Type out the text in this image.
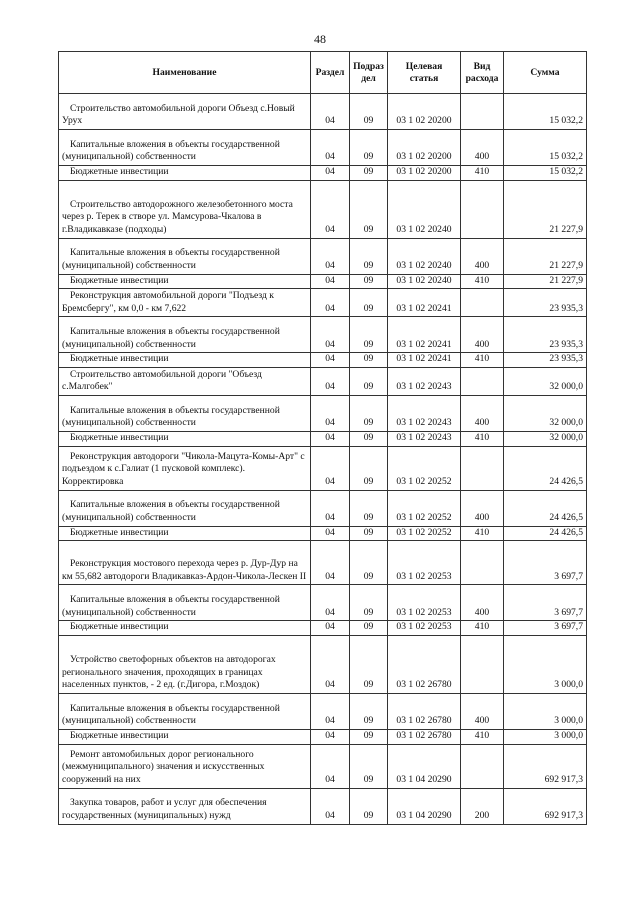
48
Наименование	Раздел	Подраз дел	Целевая статья	Вид расхода	Сумма
Строительство автомобильной дороги Объезд с.Новый Урух	04	09	03 1 02 20200		15 032,2
Капитальные вложения в объекты государственной (муниципальной) собственности	04	09	03 1 02 20200	400	15 032,2
Бюджетные инвестиции	04	09	03 1 02 20200	410	15 032,2
Строительство автодорожного железобетонного моста через р. Терек в створе ул. Мамсурова-Чкалова в г.Владикавказе (подходы)	04	09	03 1 02 20240		21 227,9
Капитальные вложения в объекты государственной (муниципальной) собственности	04	09	03 1 02 20240	400	21 227,9
Бюджетные инвестиции	04	09	03 1 02 20240	410	21 227,9
Реконструкция автомобильной дороги "Подъезд к Бремсбергу", км 0,0 - км 7,622	04	09	03 1 02 20241		23 935,3
Капитальные вложения в объекты государственной (муниципальной) собственности	04	09	03 1 02 20241	400	23 935,3
Бюджетные инвестиции	04	09	03 1 02 20241	410	23 935,3
Строительство автомобильной дороги "Объезд с.Малгобек"	04	09	03 1 02 20243		32 000,0
Капитальные вложения в объекты государственной (муниципальной) собственности	04	09	03 1 02 20243	400	32 000,0
Бюджетные инвестиции	04	09	03 1 02 20243	410	32 000,0
Реконструкция автодороги "Чикола-Мацута-Комы-Арт" с подъездом к с.Галиат (1 пусковой комплекс). Корректировка	04	09	03 1 02 20252		24 426,5
Капитальные вложения в объекты государственной (муниципальной) собственности	04	09	03 1 02 20252	400	24 426,5
Бюджетные инвестиции	04	09	03 1 02 20252	410	24 426,5
Реконструкция мостового перехода через р. Дур-Дур на км 55,682 автодороги Владикавказ-Ардон-Чикола-Лескен II	04	09	03 1 02 20253		3 697,7
Капитальные вложения в объекты государственной (муниципальной) собственности	04	09	03 1 02 20253	400	3 697,7
Бюджетные инвестиции	04	09	03 1 02 20253	410	3 697,7
Устройство светофорных объектов на автодорогах регионального значения, проходящих в границах населенных пунктов, - 2 ед. (г.Дигора, г.Моздок)	04	09	03 1 02 26780		3 000,0
Капитальные вложения в объекты государственной (муниципальной) собственности	04	09	03 1 02 26780	400	3 000,0
Бюджетные инвестиции	04	09	03 1 02 26780	410	3 000,0
Ремонт автомобильных дорог регионального (межмуниципального) значения и искусственных сооружений на них	04	09	03 1 04 20290		692 917,3
Закупка товаров, работ и услуг для обеспечения государственных (муниципальных) нужд	04	09	03 1 04 20290	200	692 917,3
